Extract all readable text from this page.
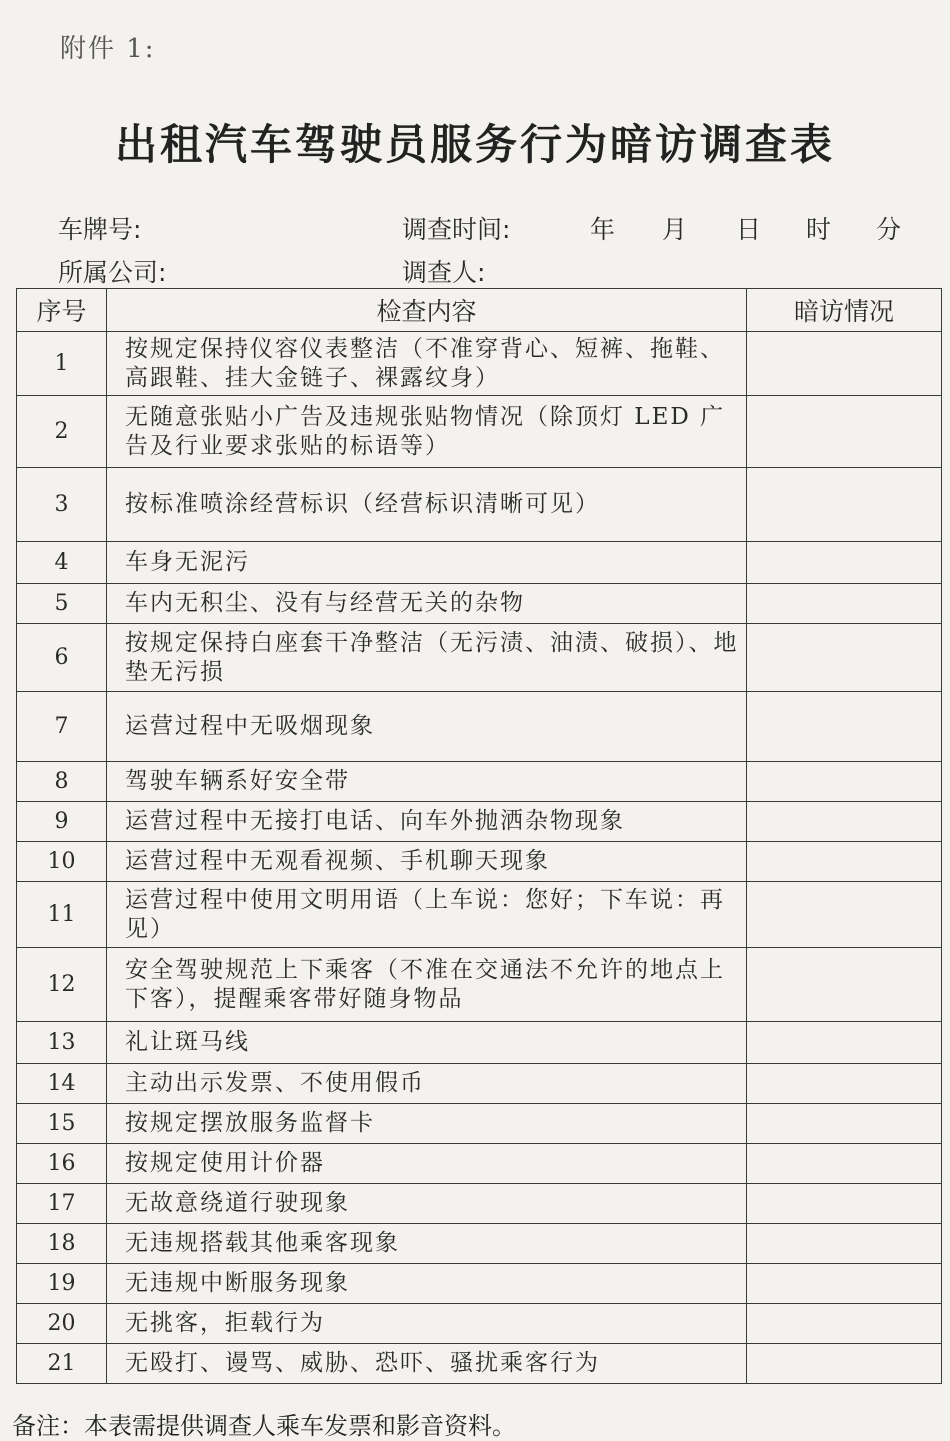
附件 1:
出租汽车驾驶员服务行为暗访调查表
车牌号:
所属公司:
调查时间:
调查人:
年 月 日 时 分
序号	检查内容	暗访情况
1	按规定保持仪容仪表整洁（不准穿背心、短裤、拖鞋、高跟鞋、挂大金链子、裸露纹身）	
2	无随意张贴小广告及违规张贴物情况（除顶灯 LED 广告及行业要求张贴的标语等）	
3	按标准喷涂经营标识（经营标识清晰可见）	
4	车身无泥污	
5	车内无积尘、没有与经营无关的杂物	
6	按规定保持白座套干净整洁（无污渍、油渍、破损）、地垫无污损	
7	运营过程中无吸烟现象	
8	驾驶车辆系好安全带	
9	运营过程中无接打电话、向车外抛洒杂物现象	
10	运营过程中无观看视频、手机聊天现象	
11	运营过程中使用文明用语（上车说：您好；下车说：再见）	
12	安全驾驶规范上下乘客（不准在交通法不允许的地点上下客），提醒乘客带好随身物品	
13	礼让斑马线	
14	主动出示发票、不使用假币	
15	按规定摆放服务监督卡	
16	按规定使用计价器	
17	无故意绕道行驶现象	
18	无违规搭载其他乘客现象	
19	无违规中断服务现象	
20	无挑客，拒载行为	
21	无殴打、谩骂、威胁、恐吓、骚扰乘客行为	
备注：本表需提供调查人乘车发票和影音资料。
